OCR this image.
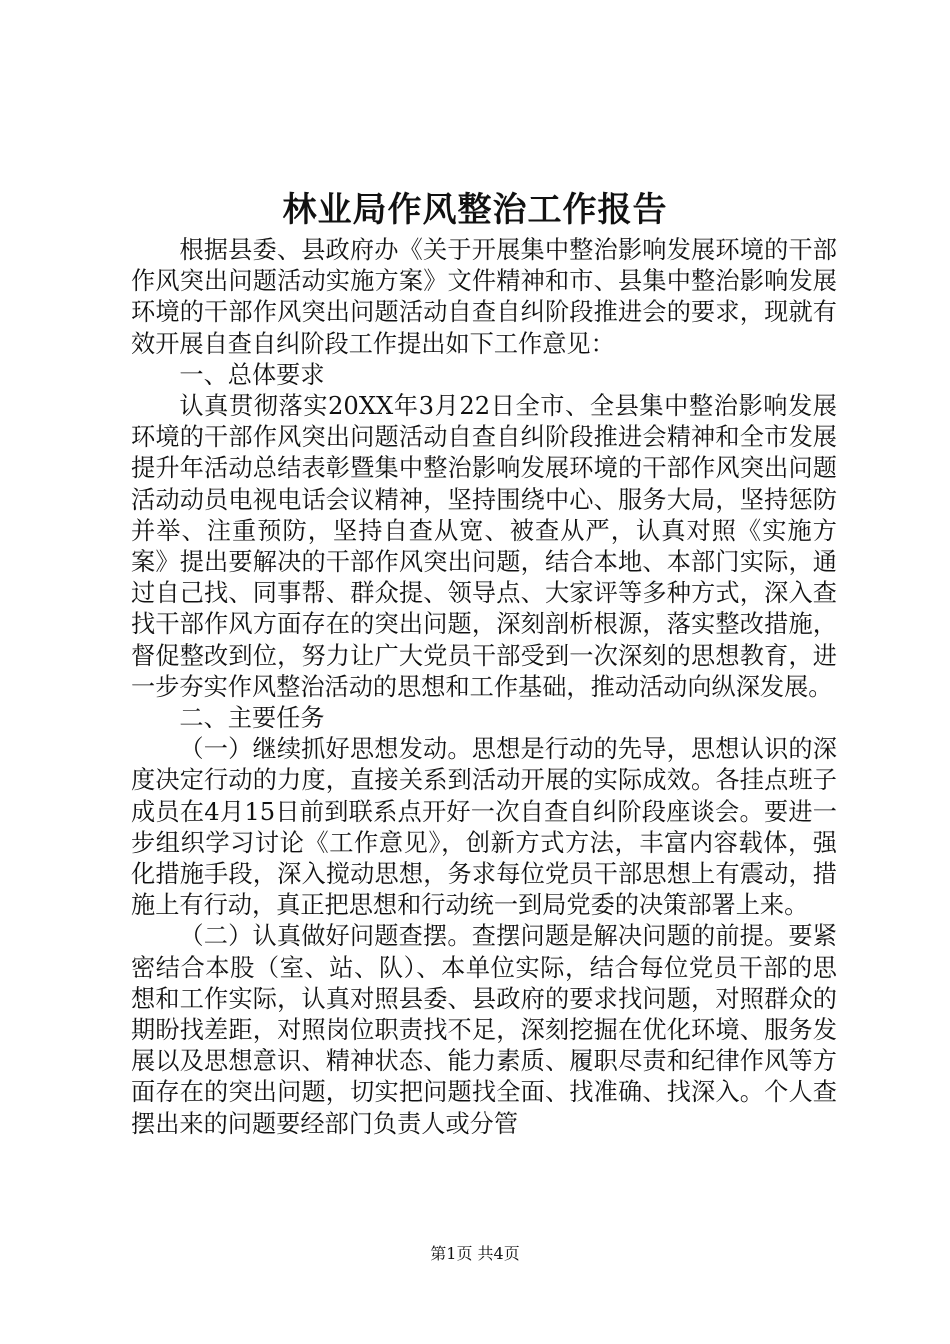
林业局作风整治工作报告

根据县委、县政府办《关于开展集中整治影响发展环境的干部作风突出问题活动实施方案》文件精神和市、县集中整治影响发展环境的干部作风突出问题活动自查自纠阶段推进会的要求，现就有效开展自查自纠阶段工作提出如下工作意见：

一、总体要求

认真贯彻落实20XX年3月22日全市、全县集中整治影响发展环境的干部作风突出问题活动自查自纠阶段推进会精神和全市发展提升年活动总结表彰暨集中整治影响发展环境的干部作风突出问题活动动员电视电话会议精神，坚持围绕中心、服务大局，坚持惩防并举、注重预防，坚持自查从宽、被查从严，认真对照《实施方案》提出要解决的干部作风突出问题，结合本地、本部门实际，通过自己找、同事帮、群众提、领导点、大家评等多种方式，深入查找干部作风方面存在的突出问题，深刻剖析根源，落实整改措施，督促整改到位，努力让广大党员干部受到一次深刻的思想教育，进一步夯实作风整治活动的思想和工作基础，推动活动向纵深发展。

二、主要任务

（一）继续抓好思想发动。思想是行动的先导，思想认识的深度决定行动的力度，直接关系到活动开展的实际成效。各挂点班子成员在4月15日前到联系点开好一次自查自纠阶段座谈会。要进一步组织学习讨论《工作意见》，创新方式方法，丰富内容载体，强化措施手段，深入搅动思想，务求每位党员干部思想上有震动，措施上有行动，真正把思想和行动统一到局党委的决策部署上来。

（二）认真做好问题查摆。查摆问题是解决问题的前提。要紧密结合本股（室、站、队）、本单位实际，结合每位党员干部的思想和工作实际，认真对照县委、县政府的要求找问题，对照群众的期盼找差距，对照岗位职责找不足，深刻挖掘在优化环境、服务发展以及思想意识、精神状态、能力素质、履职尽责和纪律作风等方面存在的突出问题，切实把问题找全面、找准确、找深入。个人查摆出来的问题要经部门负责人或分管

第1页 共4页
